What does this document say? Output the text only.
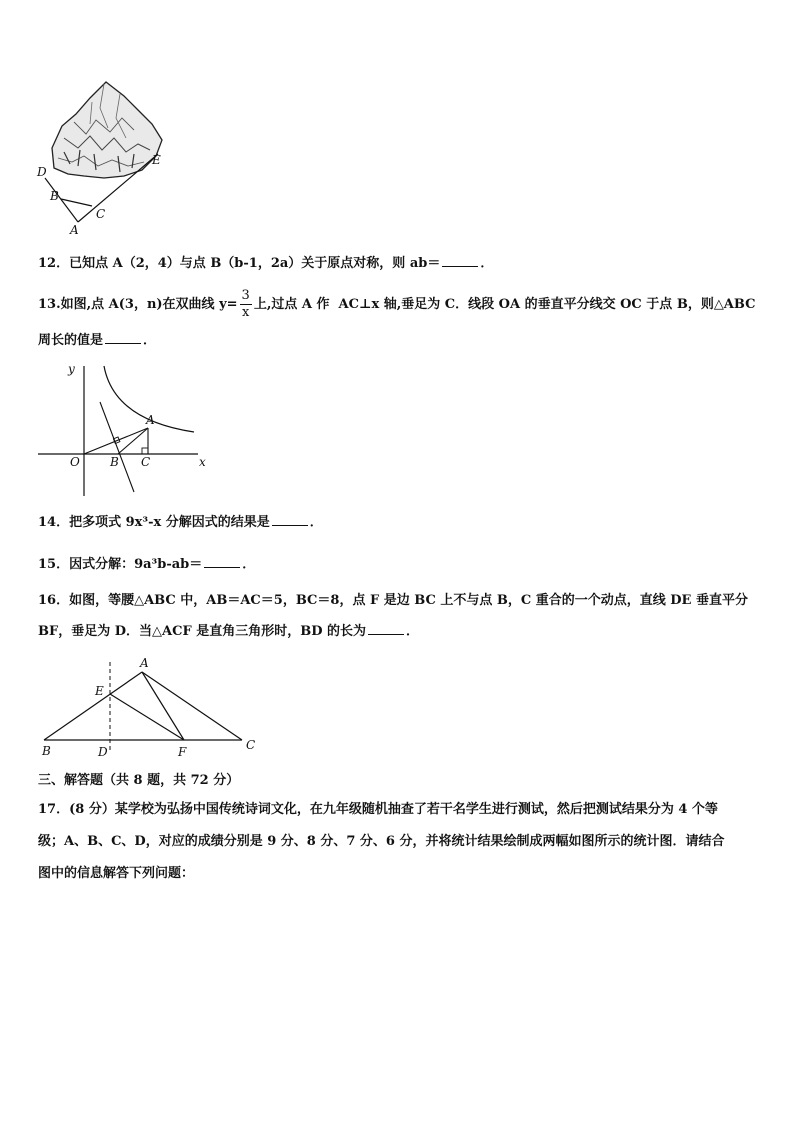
D
B
C
A
E
12．已知点 A（2，4）与点 B（b-1，2a）关于原点对称，则 ab＝	．
13.如图,点 A(3，n)在双曲线 $y= \frac{3}{x}$ 上,过点 A 作  AC⊥x 轴,垂足为 C．线段 OA 的垂直平分线交 OC 于点 B，则△ABC
周长的值是	．
y
x
O
A
B C
14．把多项式 9x³-x 分解因式的结果是	．
15．因式分解：9a³b-ab＝	．
16．如图，等腰△ABC 中，AB＝AC＝5，BC＝8，点 F 是边 BC 上不与点 B，C 重合的一个动点，直线 DE 垂直平分
BF，垂足为 D．当△ACF 是直角三角形时，BD 的长为	．
A
E
B	D	F	C
三、解答题（共 8 题，共 72 分）
17．(8 分）某学校为弘扬中国传统诗词文化，在九年级随机抽查了若干名学生进行测试，然后把测试结果分为 4 个等
级；A、B、C、D，对应的成绩分别是 9 分、8 分、7 分、6 分，并将统计结果绘制成两幅如图所示的统计图．请结合
图中的信息解答下列问题：
